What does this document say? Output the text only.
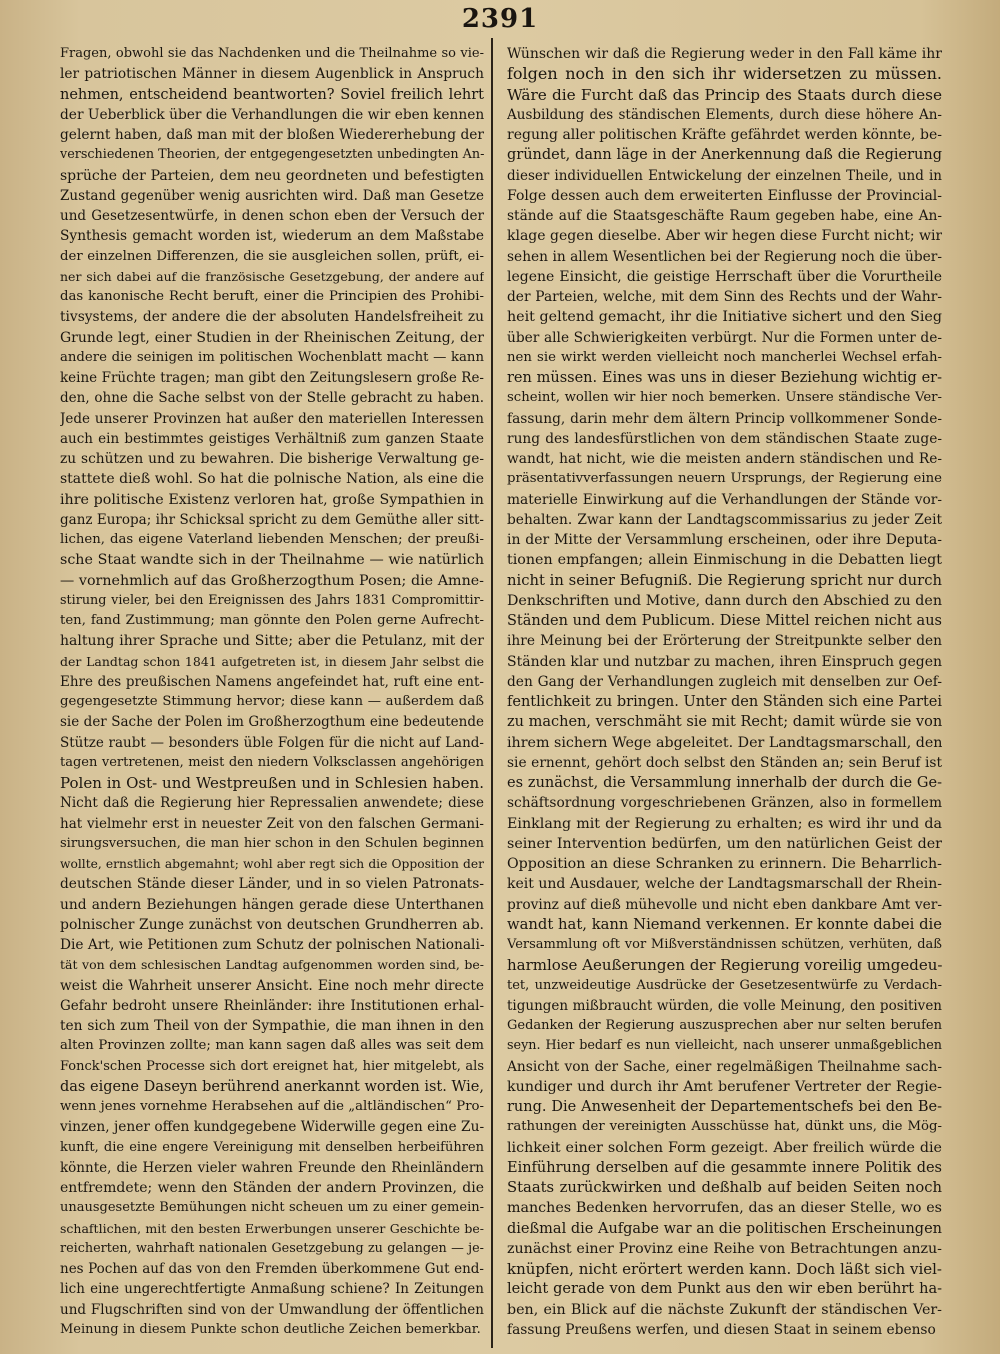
2391
Fragen, obwohl sie das Nachdenken und die Theilnahme so vie-
ler patriotischen Männer in diesem Augenblick in Anspruch
nehmen, entscheidend beantworten? Soviel freilich lehrt
der Ueberblick über die Verhandlungen die wir eben kennen
gelernt haben, daß man mit der bloßen Wiedererhebung der
verschiedenen Theorien, der entgegengesetzten unbedingten An-
sprüche der Parteien, dem neu geordneten und befestigten
Zustand gegenüber wenig ausrichten wird. Daß man Gesetze
und Gesetzesentwürfe, in denen schon eben der Versuch der
Synthesis gemacht worden ist, wiederum an dem Maßstabe
der einzelnen Differenzen, die sie ausgleichen sollen, prüft, ei-
ner sich dabei auf die französische Gesetzgebung, der andere auf
das kanonische Recht beruft, einer die Principien des Prohibi-
tivsystems, der andere die der absoluten Handelsfreiheit zu
Grunde legt, einer Studien in der Rheinischen Zeitung, der
andere die seinigen im politischen Wochenblatt macht — kann
keine Früchte tragen; man gibt den Zeitungslesern große Re-
den, ohne die Sache selbst von der Stelle gebracht zu haben.
Jede unserer Provinzen hat außer den materiellen Interessen
auch ein bestimmtes geistiges Verhältniß zum ganzen Staate
zu schützen und zu bewahren. Die bisherige Verwaltung ge-
stattete dieß wohl. So hat die polnische Nation, als eine die
ihre politische Existenz verloren hat, große Sympathien in
ganz Europa; ihr Schicksal spricht zu dem Gemüthe aller sitt-
lichen, das eigene Vaterland liebenden Menschen; der preußi-
sche Staat wandte sich in der Theilnahme — wie natürlich
— vornehmlich auf das Großherzogthum Posen; die Amne-
stirung vieler, bei den Ereignissen des Jahrs 1831 Compromittir-
ten, fand Zustimmung; man gönnte den Polen gerne Aufrecht-
haltung ihrer Sprache und Sitte; aber die Petulanz, mit der
der Landtag schon 1841 aufgetreten ist, in diesem Jahr selbst die
Ehre des preußischen Namens angefeindet hat, ruft eine ent-
gegengesetzte Stimmung hervor; diese kann — außerdem daß
sie der Sache der Polen im Großherzogthum eine bedeutende
Stütze raubt — besonders üble Folgen für die nicht auf Land-
tagen vertretenen, meist den niedern Volksclassen angehörigen
Polen in Ost- und Westpreußen und in Schlesien haben.
Nicht daß die Regierung hier Repressalien anwendete; diese
hat vielmehr erst in neuester Zeit von den falschen Germani-
sirungsversuchen, die man hier schon in den Schulen beginnen
wollte, ernstlich abgemahnt; wohl aber regt sich die Opposition der
deutschen Stände dieser Länder, und in so vielen Patronats-
und andern Beziehungen hängen gerade diese Unterthanen
polnischer Zunge zunächst von deutschen Grundherren ab.
Die Art, wie Petitionen zum Schutz der polnischen Nationali-
tät von dem schlesischen Landtag aufgenommen worden sind, be-
weist die Wahrheit unserer Ansicht. Eine noch mehr directe
Gefahr bedroht unsere Rheinländer: ihre Institutionen erhal-
ten sich zum Theil von der Sympathie, die man ihnen in den
alten Provinzen zollte; man kann sagen daß alles was seit dem
Fonck'schen Processe sich dort ereignet hat, hier mitgelebt, als
das eigene Daseyn berührend anerkannt worden ist. Wie,
wenn jenes vornehme Herabsehen auf die „altländischen“ Pro-
vinzen, jener offen kundgegebene Widerwille gegen eine Zu-
kunft, die eine engere Vereinigung mit denselben herbeiführen
könnte, die Herzen vieler wahren Freunde den Rheinländern
entfremdete; wenn den Ständen der andern Provinzen, die
unausgesetzte Bemühungen nicht scheuen um zu einer gemein-
schaftlichen, mit den besten Erwerbungen unserer Geschichte be-
reicherten, wahrhaft nationalen Gesetzgebung zu gelangen — je-
nes Pochen auf das von den Fremden überkommene Gut end-
lich eine ungerechtfertigte Anmaßung schiene? In Zeitungen
und Flugschriften sind von der Umwandlung der öffentlichen
Meinung in diesem Punkte schon deutliche Zeichen bemerkbar.
Wünschen wir daß die Regierung weder in den Fall käme ihr
folgen noch in den sich ihr widersetzen zu müssen.
Wäre die Furcht daß das Princip des Staats durch diese
Ausbildung des ständischen Elements, durch diese höhere An-
regung aller politischen Kräfte gefährdet werden könnte, be-
gründet, dann läge in der Anerkennung daß die Regierung
dieser individuellen Entwickelung der einzelnen Theile, und in
Folge dessen auch dem erweiterten Einflusse der Provincial-
stände auf die Staatsgeschäfte Raum gegeben habe, eine An-
klage gegen dieselbe. Aber wir hegen diese Furcht nicht; wir
sehen in allem Wesentlichen bei der Regierung noch die über-
legene Einsicht, die geistige Herrschaft über die Vorurtheile
der Parteien, welche, mit dem Sinn des Rechts und der Wahr-
heit geltend gemacht, ihr die Initiative sichert und den Sieg
über alle Schwierigkeiten verbürgt. Nur die Formen unter de-
nen sie wirkt werden vielleicht noch mancherlei Wechsel erfah-
ren müssen. Eines was uns in dieser Beziehung wichtig er-
scheint, wollen wir hier noch bemerken. Unsere ständische Ver-
fassung, darin mehr dem ältern Princip vollkommener Sonde-
rung des landesfürstlichen von dem ständischen Staate zuge-
wandt, hat nicht, wie die meisten andern ständischen und Re-
präsentativverfassungen neuern Ursprungs, der Regierung eine
materielle Einwirkung auf die Verhandlungen der Stände vor-
behalten. Zwar kann der Landtagscommissarius zu jeder Zeit
in der Mitte der Versammlung erscheinen, oder ihre Deputa-
tionen empfangen; allein Einmischung in die Debatten liegt
nicht in seiner Befugniß. Die Regierung spricht nur durch
Denkschriften und Motive, dann durch den Abschied zu den
Ständen und dem Publicum. Diese Mittel reichen nicht aus
ihre Meinung bei der Erörterung der Streitpunkte selber den
Ständen klar und nutzbar zu machen, ihren Einspruch gegen
den Gang der Verhandlungen zugleich mit denselben zur Oef-
fentlichkeit zu bringen. Unter den Ständen sich eine Partei
zu machen, verschmäht sie mit Recht; damit würde sie von
ihrem sichern Wege abgeleitet. Der Landtagsmarschall, den
sie ernennt, gehört doch selbst den Ständen an; sein Beruf ist
es zunächst, die Versammlung innerhalb der durch die Ge-
schäftsordnung vorgeschriebenen Gränzen, also in formellem
Einklang mit der Regierung zu erhalten; es wird ihr und da
seiner Intervention bedürfen, um den natürlichen Geist der
Opposition an diese Schranken zu erinnern. Die Beharrlich-
keit und Ausdauer, welche der Landtagsmarschall der Rhein-
provinz auf dieß mühevolle und nicht eben dankbare Amt ver-
wandt hat, kann Niemand verkennen. Er konnte dabei die
Versammlung oft vor Mißverständnissen schützen, verhüten, daß
harmlose Aeußerungen der Regierung voreilig umgedeu-
tet, unzweideutige Ausdrücke der Gesetzesentwürfe zu Verdach-
tigungen mißbraucht würden, die volle Meinung, den positiven
Gedanken der Regierung auszusprechen aber nur selten berufen
seyn. Hier bedarf es nun vielleicht, nach unserer unmaßgeblichen
Ansicht von der Sache, einer regelmäßigen Theilnahme sach-
kundiger und durch ihr Amt berufener Vertreter der Regie-
rung. Die Anwesenheit der Departementschefs bei den Be-
rathungen der vereinigten Ausschüsse hat, dünkt uns, die Mög-
lichkeit einer solchen Form gezeigt. Aber freilich würde die
Einführung derselben auf die gesammte innere Politik des
Staats zurückwirken und deßhalb auf beiden Seiten noch
manches Bedenken hervorrufen, das an dieser Stelle, wo es
dießmal die Aufgabe war an die politischen Erscheinungen
zunächst einer Provinz eine Reihe von Betrachtungen anzu-
knüpfen, nicht erörtert werden kann. Doch läßt sich viel-
leicht gerade von dem Punkt aus den wir eben berührt ha-
ben, ein Blick auf die nächste Zukunft der ständischen Ver-
fassung Preußens werfen, und diesen Staat in seinem ebenso
